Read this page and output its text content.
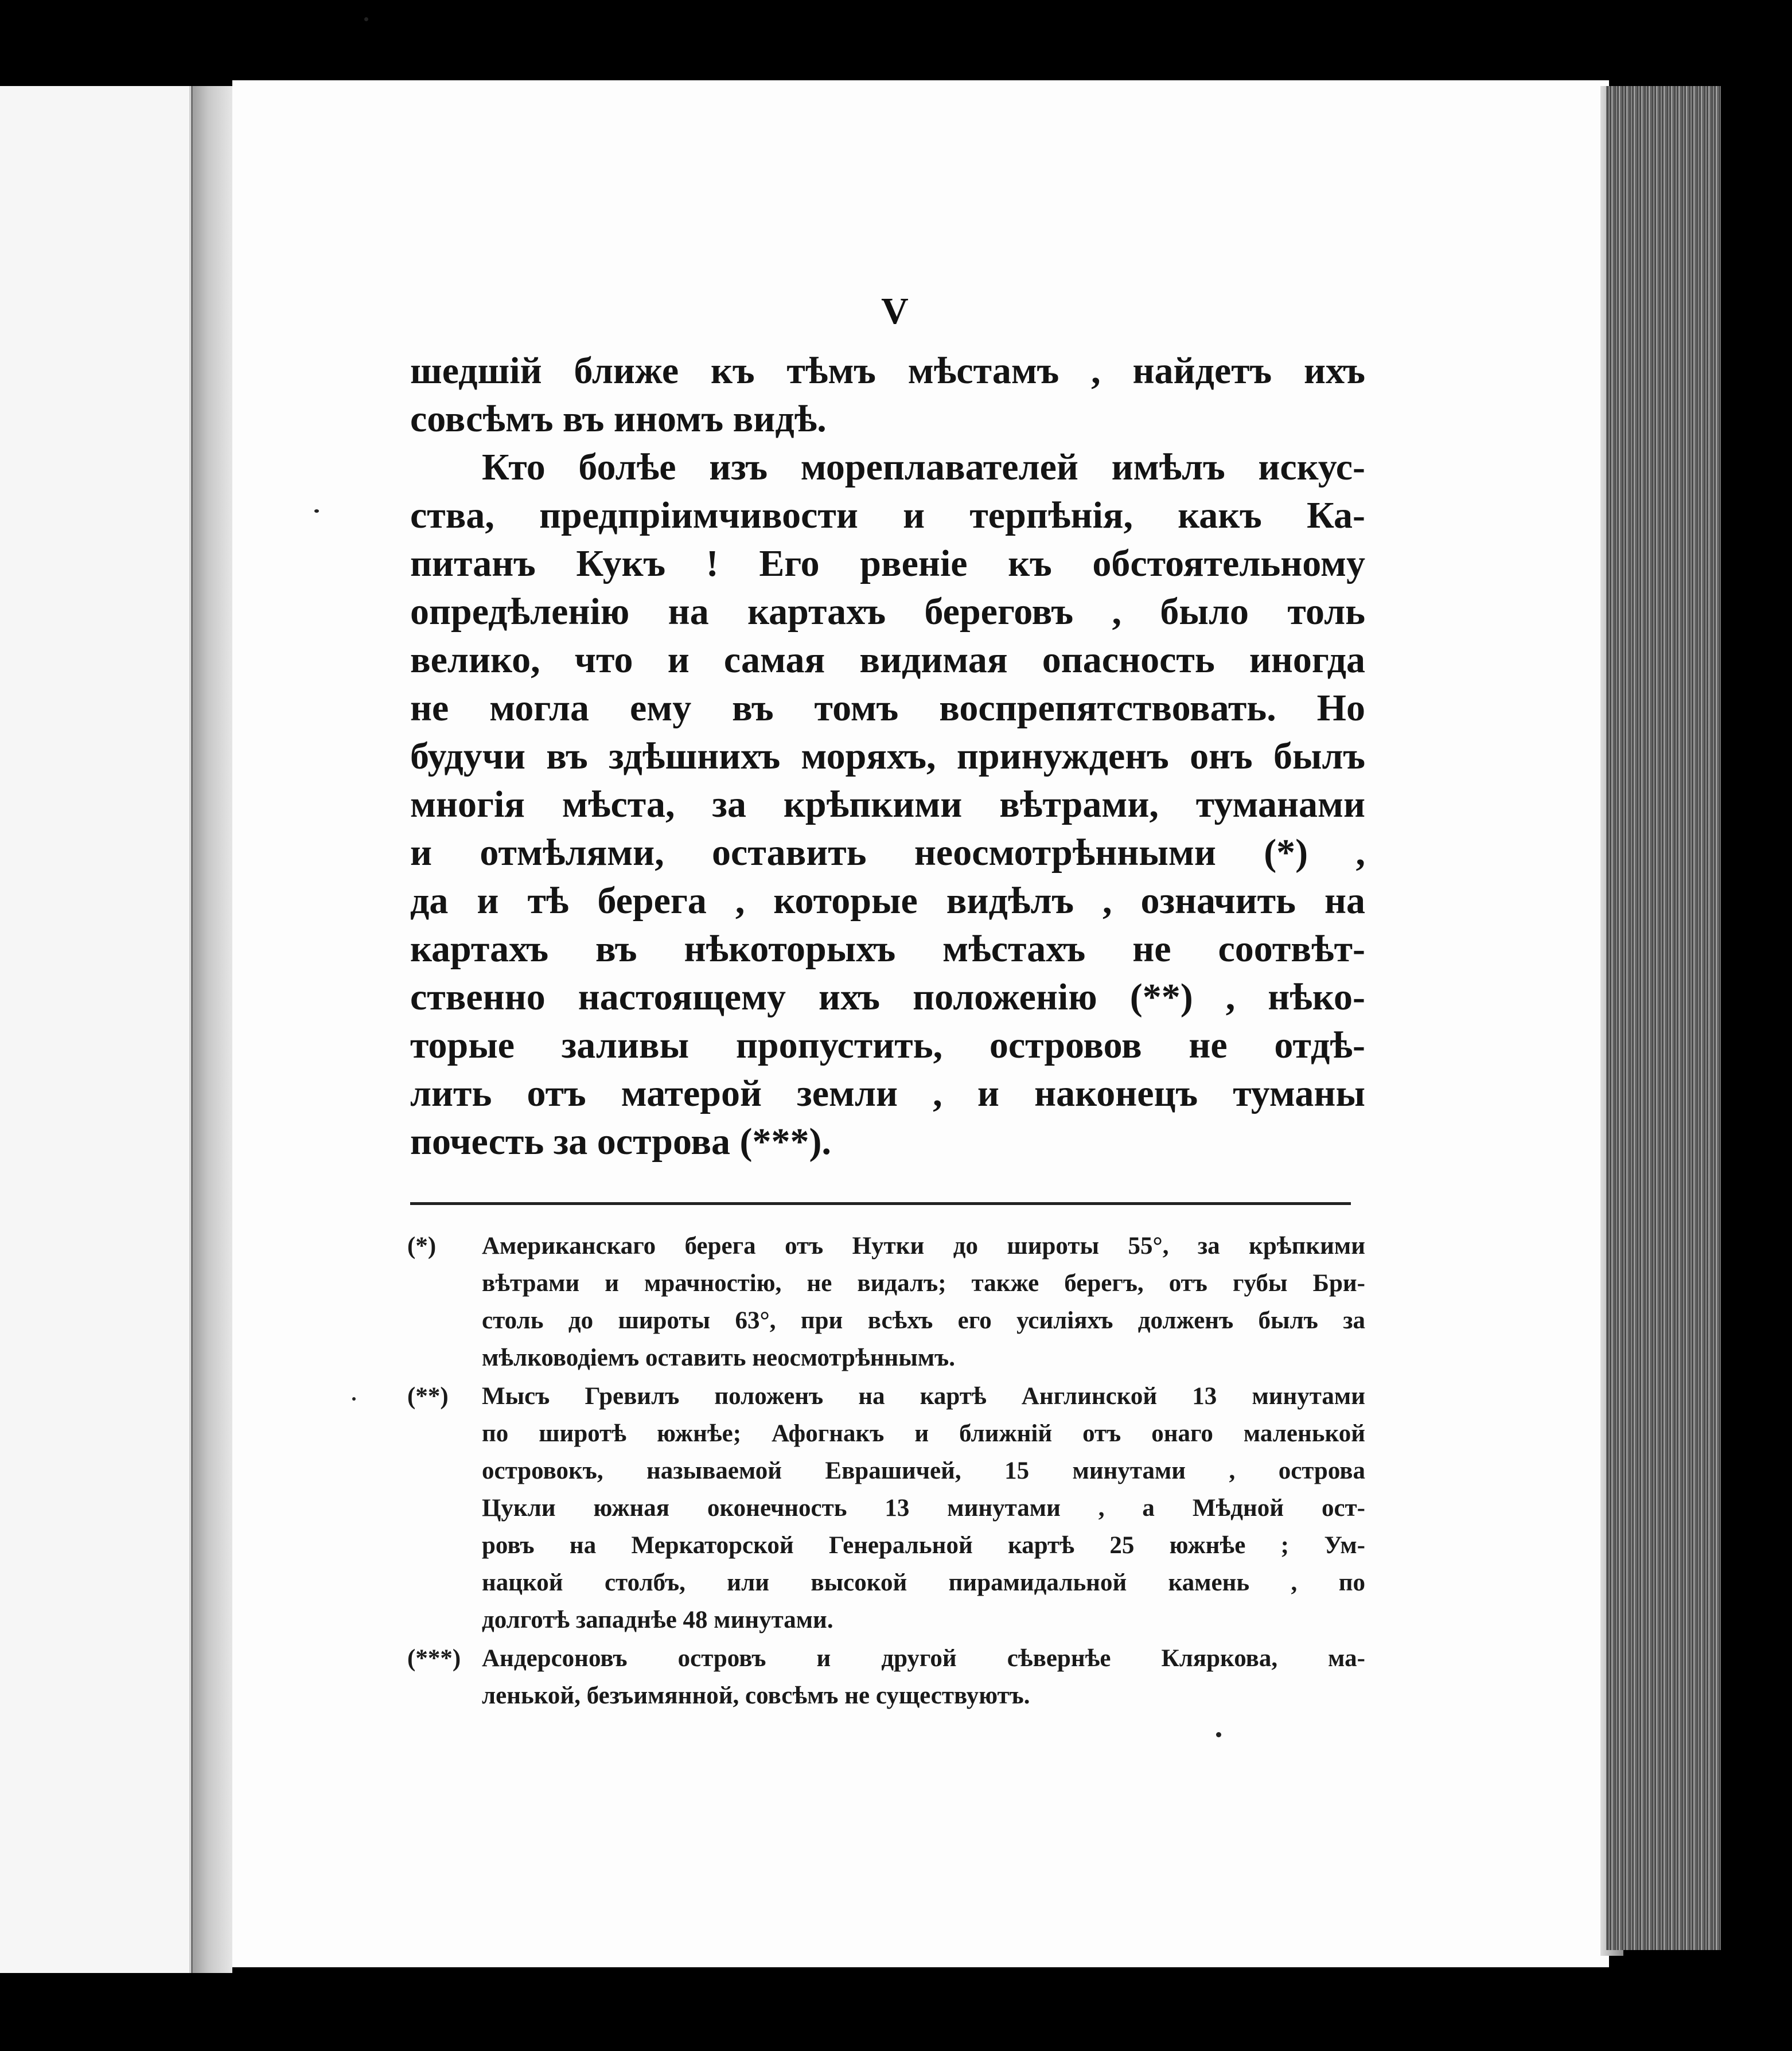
V
шедшій ближе къ тѣмъ мѣстамъ , найдетъ ихъ
совсѣмъ въ иномъ видѣ.
Кто болѣе изъ мореплавателей имѣлъ искус-
ства, предпріимчивости и терпѣнія, какъ Ка-
питанъ Кукъ ! Его рвеніе къ обстоятельному
опредѣленію на картахъ береговъ , было толь
велико, что и самая видимая опасность иногда
не могла ему въ томъ воспрепятствовать. Но
будучи въ здѣшнихъ моряхъ, принужденъ онъ былъ
многія мѣста, за крѣпкими вѣтрами, туманами
и отмѣлями, оставить неосмотрѣнными (*) ,
да и тѣ берега , которые видѣлъ , означить на
картахъ въ нѣкоторыхъ мѣстахъ не соотвѣт-
ственно настоящему ихъ положенію (**) , нѣко-
торые заливы пропустить, островов не отдѣ-
лить отъ матерой земли , и наконецъ туманы
почесть за острова (***).
(*)	Американскаго берега отъ Нутки до широты 55°, за крѣпкими
вѣтрами и мрачностію, не видалъ; также берегъ, отъ губы Бри-
столь до широты 63°, при всѣхъ его усиліяхъ долженъ былъ за
мѣлководіемъ оставить неосмотрѣннымъ.
(**)	Мысъ Гревилъ положенъ на картѣ Англинской 13 минутами
по широтѣ южнѣе; Афогнакъ и ближній отъ онаго маленькой
островокъ, называемой Еврашичей, 15 минутами , острова
Цукли южная оконечность 13 минутами , а Мѣдной ост-
ровъ на Меркаторской Генеральной картѣ 25 южнѣе ; Ум-
нацкой столбъ, или высокой пирамидальной камень , по
долготѣ западнѣе 48 минутами.
(***) Андерсоновъ островъ и другой сѣвернѣе Кляркова, ма-
ленькой, безъимянной, совсѣмъ не существуютъ.
